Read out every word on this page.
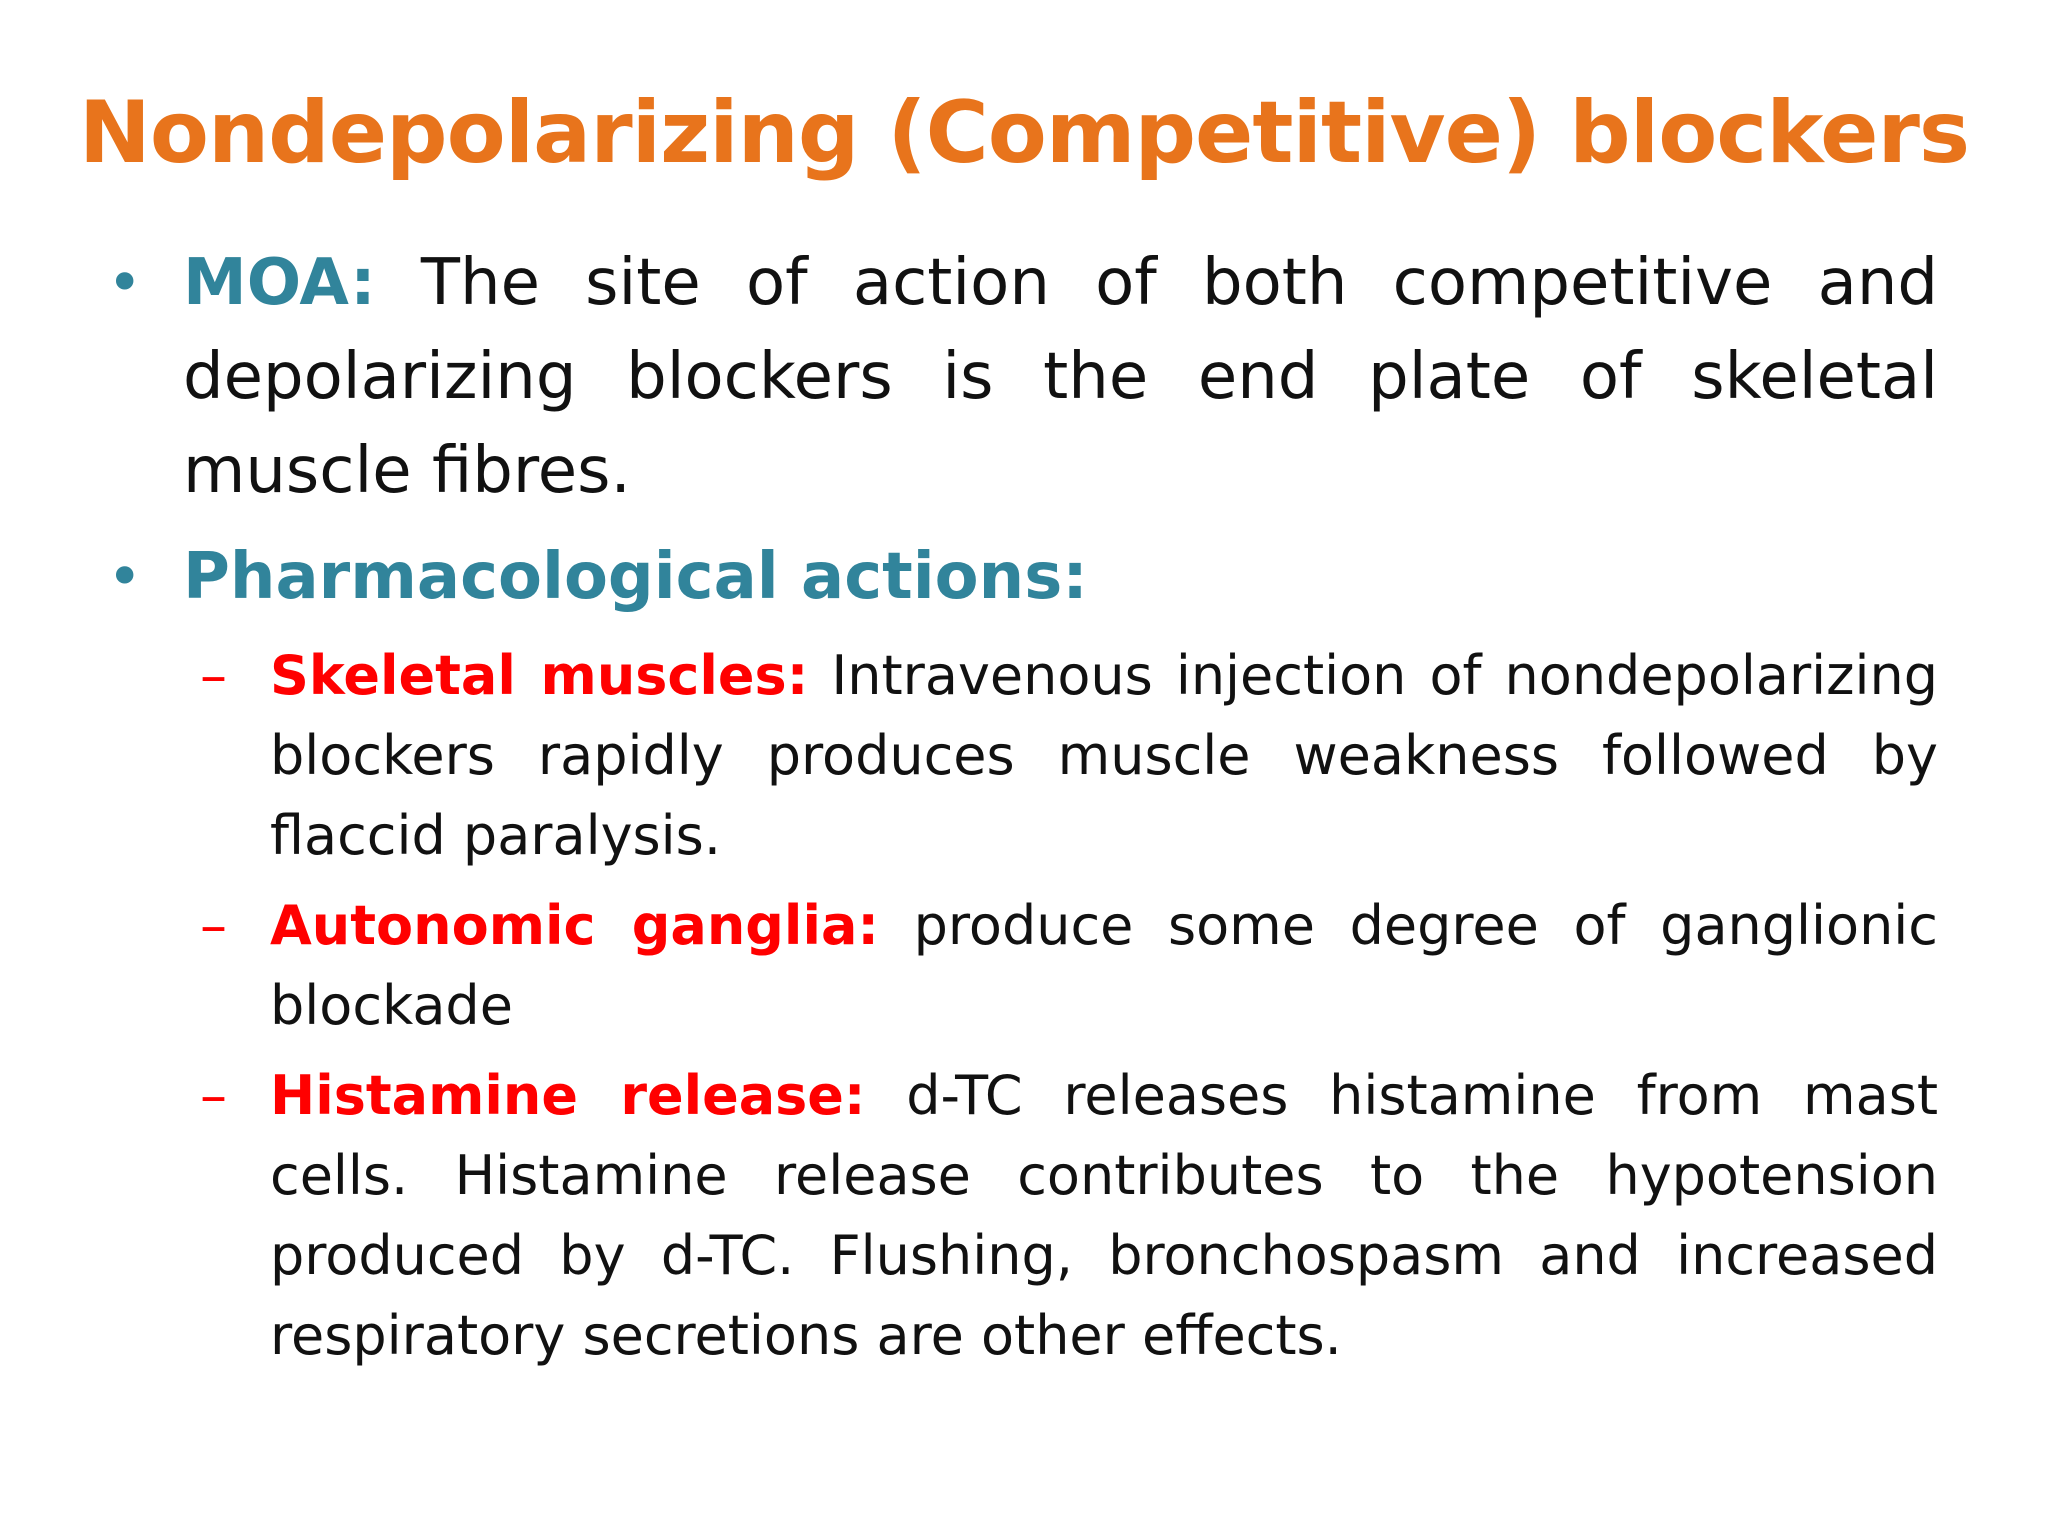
Nondepolarizing (Competitive) blockers
• MOA: The site of action of both competitive and depolarizing blockers is the end plate of skeletal muscle fibres.
• Pharmacological actions:
– Skeletal muscles: Intravenous injection of nondepolarizing blockers rapidly produces muscle weakness followed by flaccid paralysis.
– Autonomic ganglia: produce some degree of ganglionic blockade
– Histamine release: d-TC releases histamine from mast cells. Histamine release contributes to the hypotension produced by d-TC. Flushing, bronchospasm and increased respiratory secretions are other effects.
